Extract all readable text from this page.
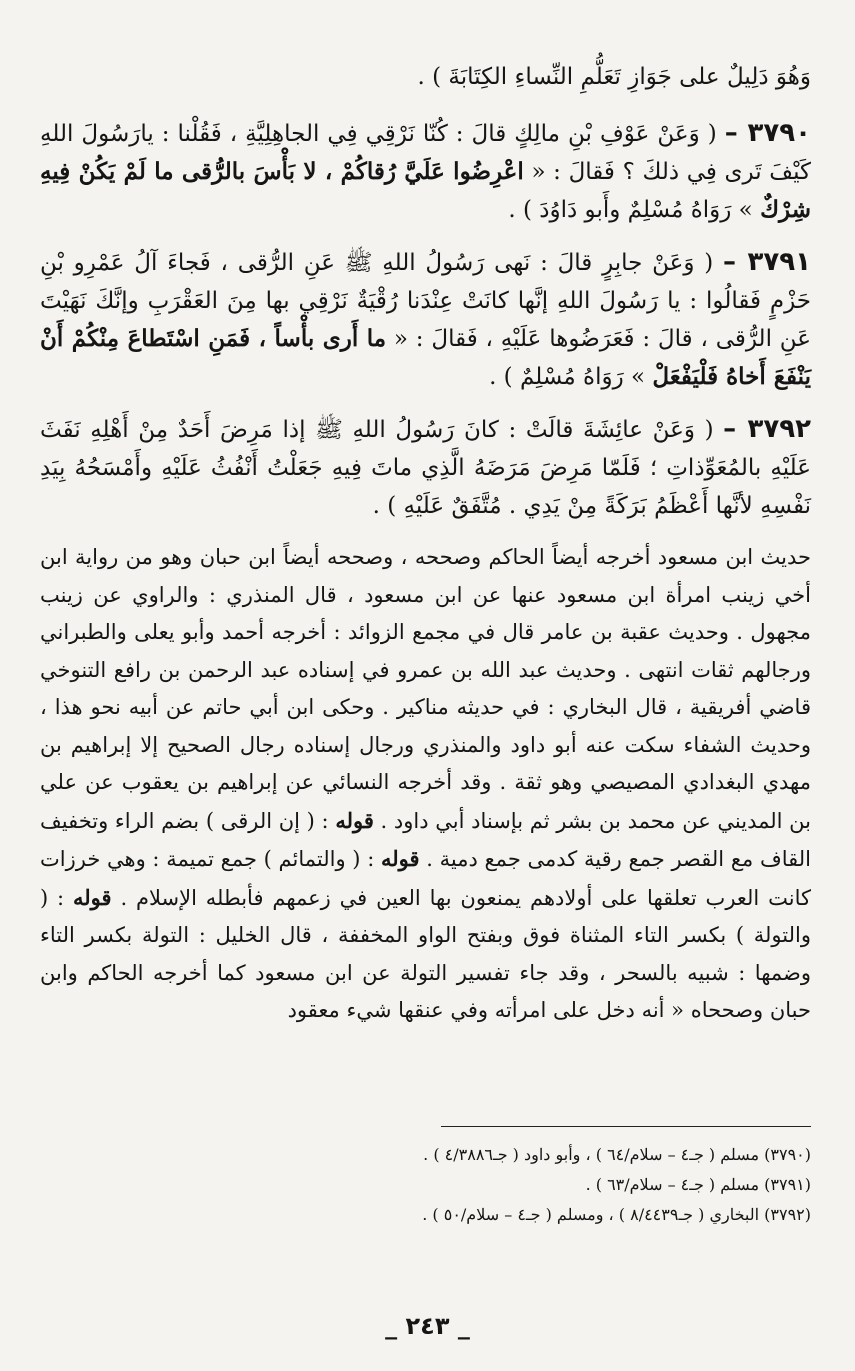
وَهُوَ دَلِيلٌ على جَوَازِ تَعَلُّمِ النِّساءِ الكِتَابَةَ ) .

٣٧٩٠ – ( وَعَنْ عَوْفِ بْنِ مالِكٍ قالَ : كُنّا نَرْقِي فِي الجاهِلِيَّةِ ، فَقُلْنا : يارَسُولَ اللهِ كَيْفَ تَرى فِي ذلكَ ؟ فَقالَ : « اعْرِضُوا عَلَيَّ رُقاكُمْ ، لا بَأْسَ بالرُّقى ما لَمْ يَكُنْ فِيهِ شِرْكٌ » رَوَاهُ مُسْلِمٌ وأَبو دَاوُدَ ) .

٣٧٩١ – ( وَعَنْ جابِرٍ قالَ : نَهى رَسُولُ اللهِ ﷺ عَنِ الرُّقى ، فَجاءَ آلُ عَمْرِو بْنِ حَزْمٍ فَقالُوا : يا رَسُولَ اللهِ إنَّها كانَتْ عِنْدَنا رُقْيَةٌ نَرْقِي بها مِنَ العَقْرَبِ وإنَّكَ نَهَيْتَ عَنِ الرُّقى ، قالَ : فَعَرَضُوها عَلَيْهِ ، فَقالَ : « ما أَرى بأْساً ، فَمَنِ اسْتَطاعَ مِنْكُمْ أَنْ يَنْفَعَ أَخاهُ فَلْيَفْعَلْ » رَوَاهُ مُسْلِمٌ ) .

٣٧٩٢ – ( وَعَنْ عائِشَةَ قالَتْ : كانَ رَسُولُ اللهِ ﷺ إذا مَرِضَ أَحَدٌ مِنْ أَهْلِهِ نَفَثَ عَلَيْهِ بالمُعَوِّذاتِ ؛ فَلَمّا مَرِضَ مَرَضَهُ الَّذِي ماتَ فِيهِ جَعَلْتُ أَنْفُثُ عَلَيْهِ وأَمْسَحُهُ بِيَدِ نَفْسِهِ لأنَّها أَعْظَمُ بَرَكَةً مِنْ يَدِي . مُتَّفَقٌ عَلَيْهِ ) .

حديث ابن مسعود أخرجه أيضاً الحاكم وصححه ، وصححه أيضاً ابن حبان وهو من رواية ابن أخي زينب امرأة ابن مسعود عنها عن ابن مسعود ، قال المنذري : والراوي عن زينب مجهول . وحديث عقبة بن عامر قال في مجمع الزوائد : أخرجه أحمد وأبو يعلى والطبراني ورجالهم ثقات انتهى . وحديث عبد الله بن عمرو في إسناده عبد الرحمن بن رافع التنوخي قاضي أفريقية ، قال البخاري : في حديثه مناكير . وحكى ابن أبي حاتم عن أبيه نحو هذا ، وحديث الشفاء سكت عنه أبو داود والمنذري ورجال إسناده رجال الصحيح إلا إبراهيم بن مهدي البغدادي المصيصي وهو ثقة . وقد أخرجه النسائي عن إبراهيم بن يعقوب عن علي بن المديني عن محمد بن بشر ثم بإسناد أبي داود . قوله : ( إن الرقى ) بضم الراء وتخفيف القاف مع القصر جمع رقية كدمى جمع دمية . قوله : ( والتمائم ) جمع تميمة : وهي خرزات كانت العرب تعلقها على أولادهم يمنعون بها العين في زعمهم فأبطله الإسلام . قوله : ( والتولة ) بكسر التاء المثناة فوق وبفتح الواو المخففة ، قال الخليل : التولة بكسر التاء وضمها : شبيه بالسحر ، وقد جاء تفسير التولة عن ابن مسعود كما أخرجه الحاكم وابن حبان وصححاه « أنه دخل على امرأته وفي عنقها شيء معقود

(٣٧٩٠) مسلم ( جـ٤ – سلام/٦٤ ) ، وأبو داود ( جـ٤/٣٨٨٦ ) .
(٣٧٩١) مسلم ( جـ٤ – سلام/٦٣ ) .
(٣٧٩٢) البخاري ( جـ٨/٤٤٣٩ ) ، ومسلم ( جـ٤ – سلام/٥٠ ) .
_ ٢٤٣ _
